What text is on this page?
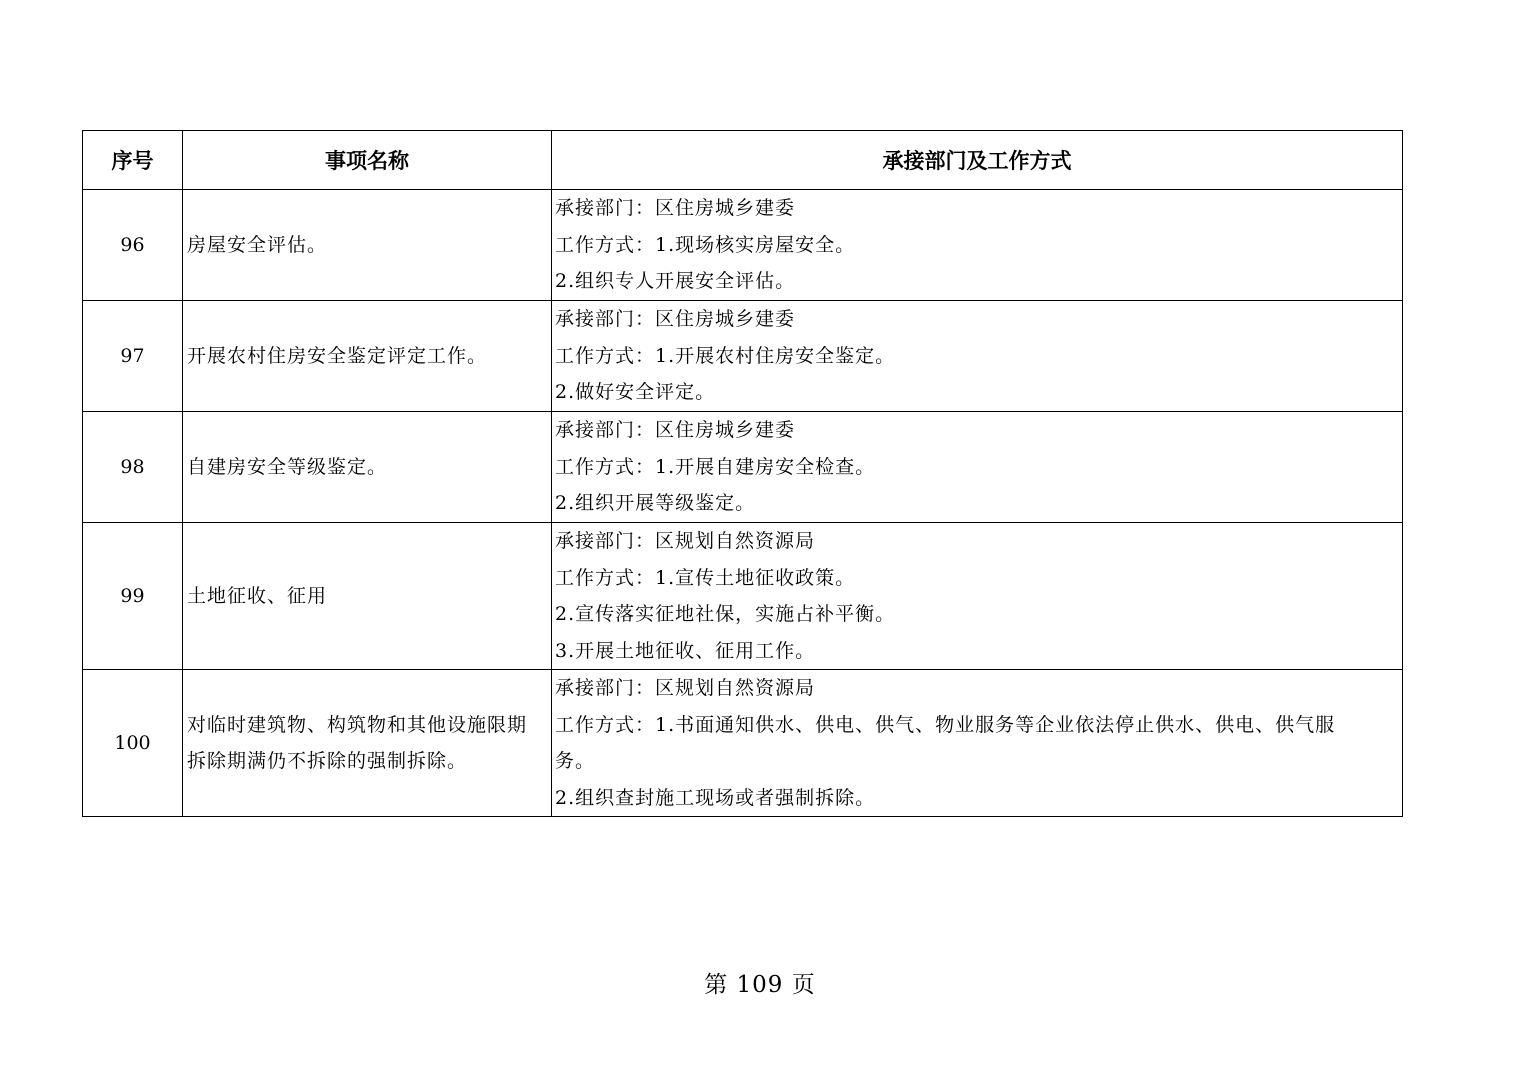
序号	事项名称	承接部门及工作方式
96	房屋安全评估。	承接部门：区住房城乡建委
工作方式：1.现场核实房屋安全。
2.组织专人开展安全评估。

97	开展农村住房安全鉴定评定工作。	承接部门：区住房城乡建委
工作方式：1.开展农村住房安全鉴定。
2.做好安全评定。

98	自建房安全等级鉴定。	承接部门：区住房城乡建委
工作方式：1.开展自建房安全检查。
2.组织开展等级鉴定。

99	土地征收、征用	承接部门：区规划自然资源局
工作方式：1.宣传土地征收政策。
2.宣传落实征地社保，实施占补平衡。
3.开展土地征收、征用工作。

100	对临时建筑物、构筑物和其他设施限期
拆除期满仍不拆除的强制拆除。	承接部门：区规划自然资源局
工作方式：1.书面通知供水、供电、供气、物业服务等企业依法停止供水、供电、供气服
务。
2.组织查封施工现场或者强制拆除。
第 109 页
